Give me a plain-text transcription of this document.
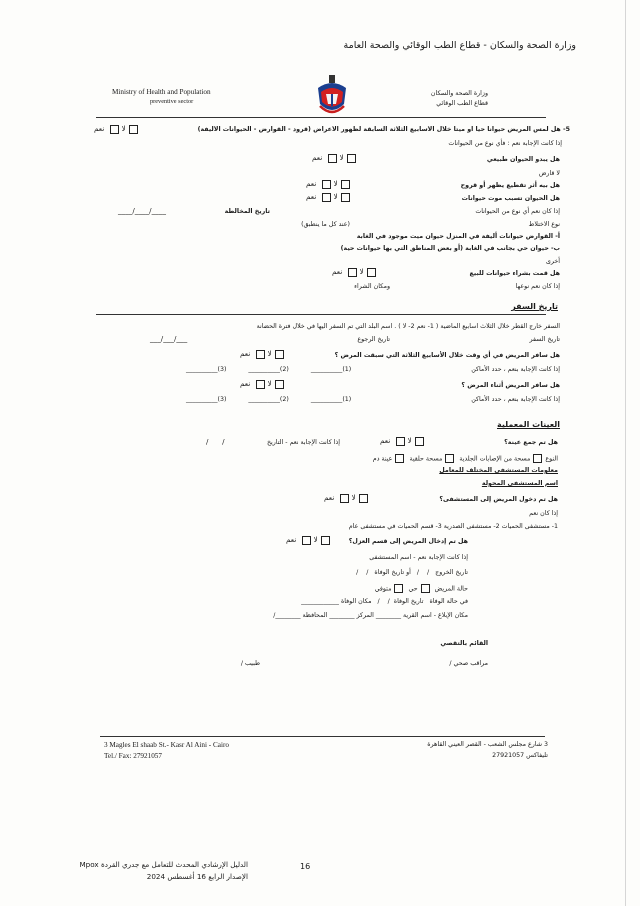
وزارة الصحة والسكان - قطاع الطب الوقائي والصحة العامة
Ministry of Health and Population
preventive sector
وزارة الصحة والسكان
قطاع الطب الوقائي
5- هل لمس المريض حيوانا حيا أو ميتا خلال الأسابيع الثلاثة السابقة لظهور الأعراض (قرود - القوارض - الحيوانات الأليفة)
لا نعم
إذا كانت الإجابة نعم : فأي نوع من الحيوانات
هل يبدو الحيوان طبيعي
لا نعم
لا قارض
هل بيه أثر تقطيع يظهر أو قروح
لا نعم
هل الحيوان تسبب موت حيوانات
لا نعم
إذا كان نعم أي نوع من الحيوانات
تاريخ المخالطة
____/____/____
نوع الاختلاط
(عند كل ما ينطبق)
أ- القوارض حيوانات أليفة في المنزل حيوان ميت موجود في الغابة
ب- حيوان حي بجانب في الغابة (أو بعض المناطق التي بها حيوانات حية)
أخرى
هل قمت بشراء حيوانات للبيع
لا نعم
إذا كان نعم نوعها
ومكان الشراء
تاريخ السفر
السفر خارج القطر خلال الثلاث أسابيع الماضية ( 1- نعم 2- لا ) . اسم البلد التي تم السفر اليها في خلال فترة الحضانة
تاريخ السفر
تاريخ الرجوع
___/___/___
هل سافر المريض في أي وقت خلال الأسابيع الثلاثة التي سبقت المرض ؟
لا نعم
إذا كانت الإجابة بنعم ، حدد الأماكن
__________(3)	__________(2)	__________(1)
هل سافر المريض أثناء المرض ؟
لا نعم
إذا كانت الإجابة بنعم ، حدد الأماكن
__________(3)	__________(2)	__________(1)
العينات المعملية
هل تم جمع عينة؟
لا نعم
إذا كانت الإجابة نعم - التاريخ
/      /
النوعمسحة من الإصابات الجلدية مسحة حلقية عينة دم
معلومات المستشفى المختلف للمعامل
اسم المستشفى المحولة
هل تم دخول المريض إلى المستشفى؟
لا نعم
إذا كان نعم
1- مستشفى الحميات 2- مستشفى الصدرية 3- قسم الحميات في مستشفى عام
هل تم إدخال المريض إلى قسم العزل؟
لا نعم
إذا كانت الإجابة نعم - اسم المستشفى
تاريخ الخروج   /    /   أو تاريخ الوفاة   /    /
حالة المريض حي متوفي
في حالة الوفاة   تاريخ الوفاة  /    /   مكان الوفاة ____________
مكان الإبلاغ - اسم القرية ________ المركز ________ المحافظة ________/
القائم بالتقصي
مراقب صحي /
طبيب /
3 Magles El shaab St.- Kasr Al Aini - Cairo
Tel./ Fax: 27921057
3 شارع مجلس الشعب - القصر العيني القاهرة
تليفاكس 27921057
16
الدليل الإرشادي المحدث للتعامل مع جدري القردة Mpox
الإصدار الرابع 16 أغسطس 2024
